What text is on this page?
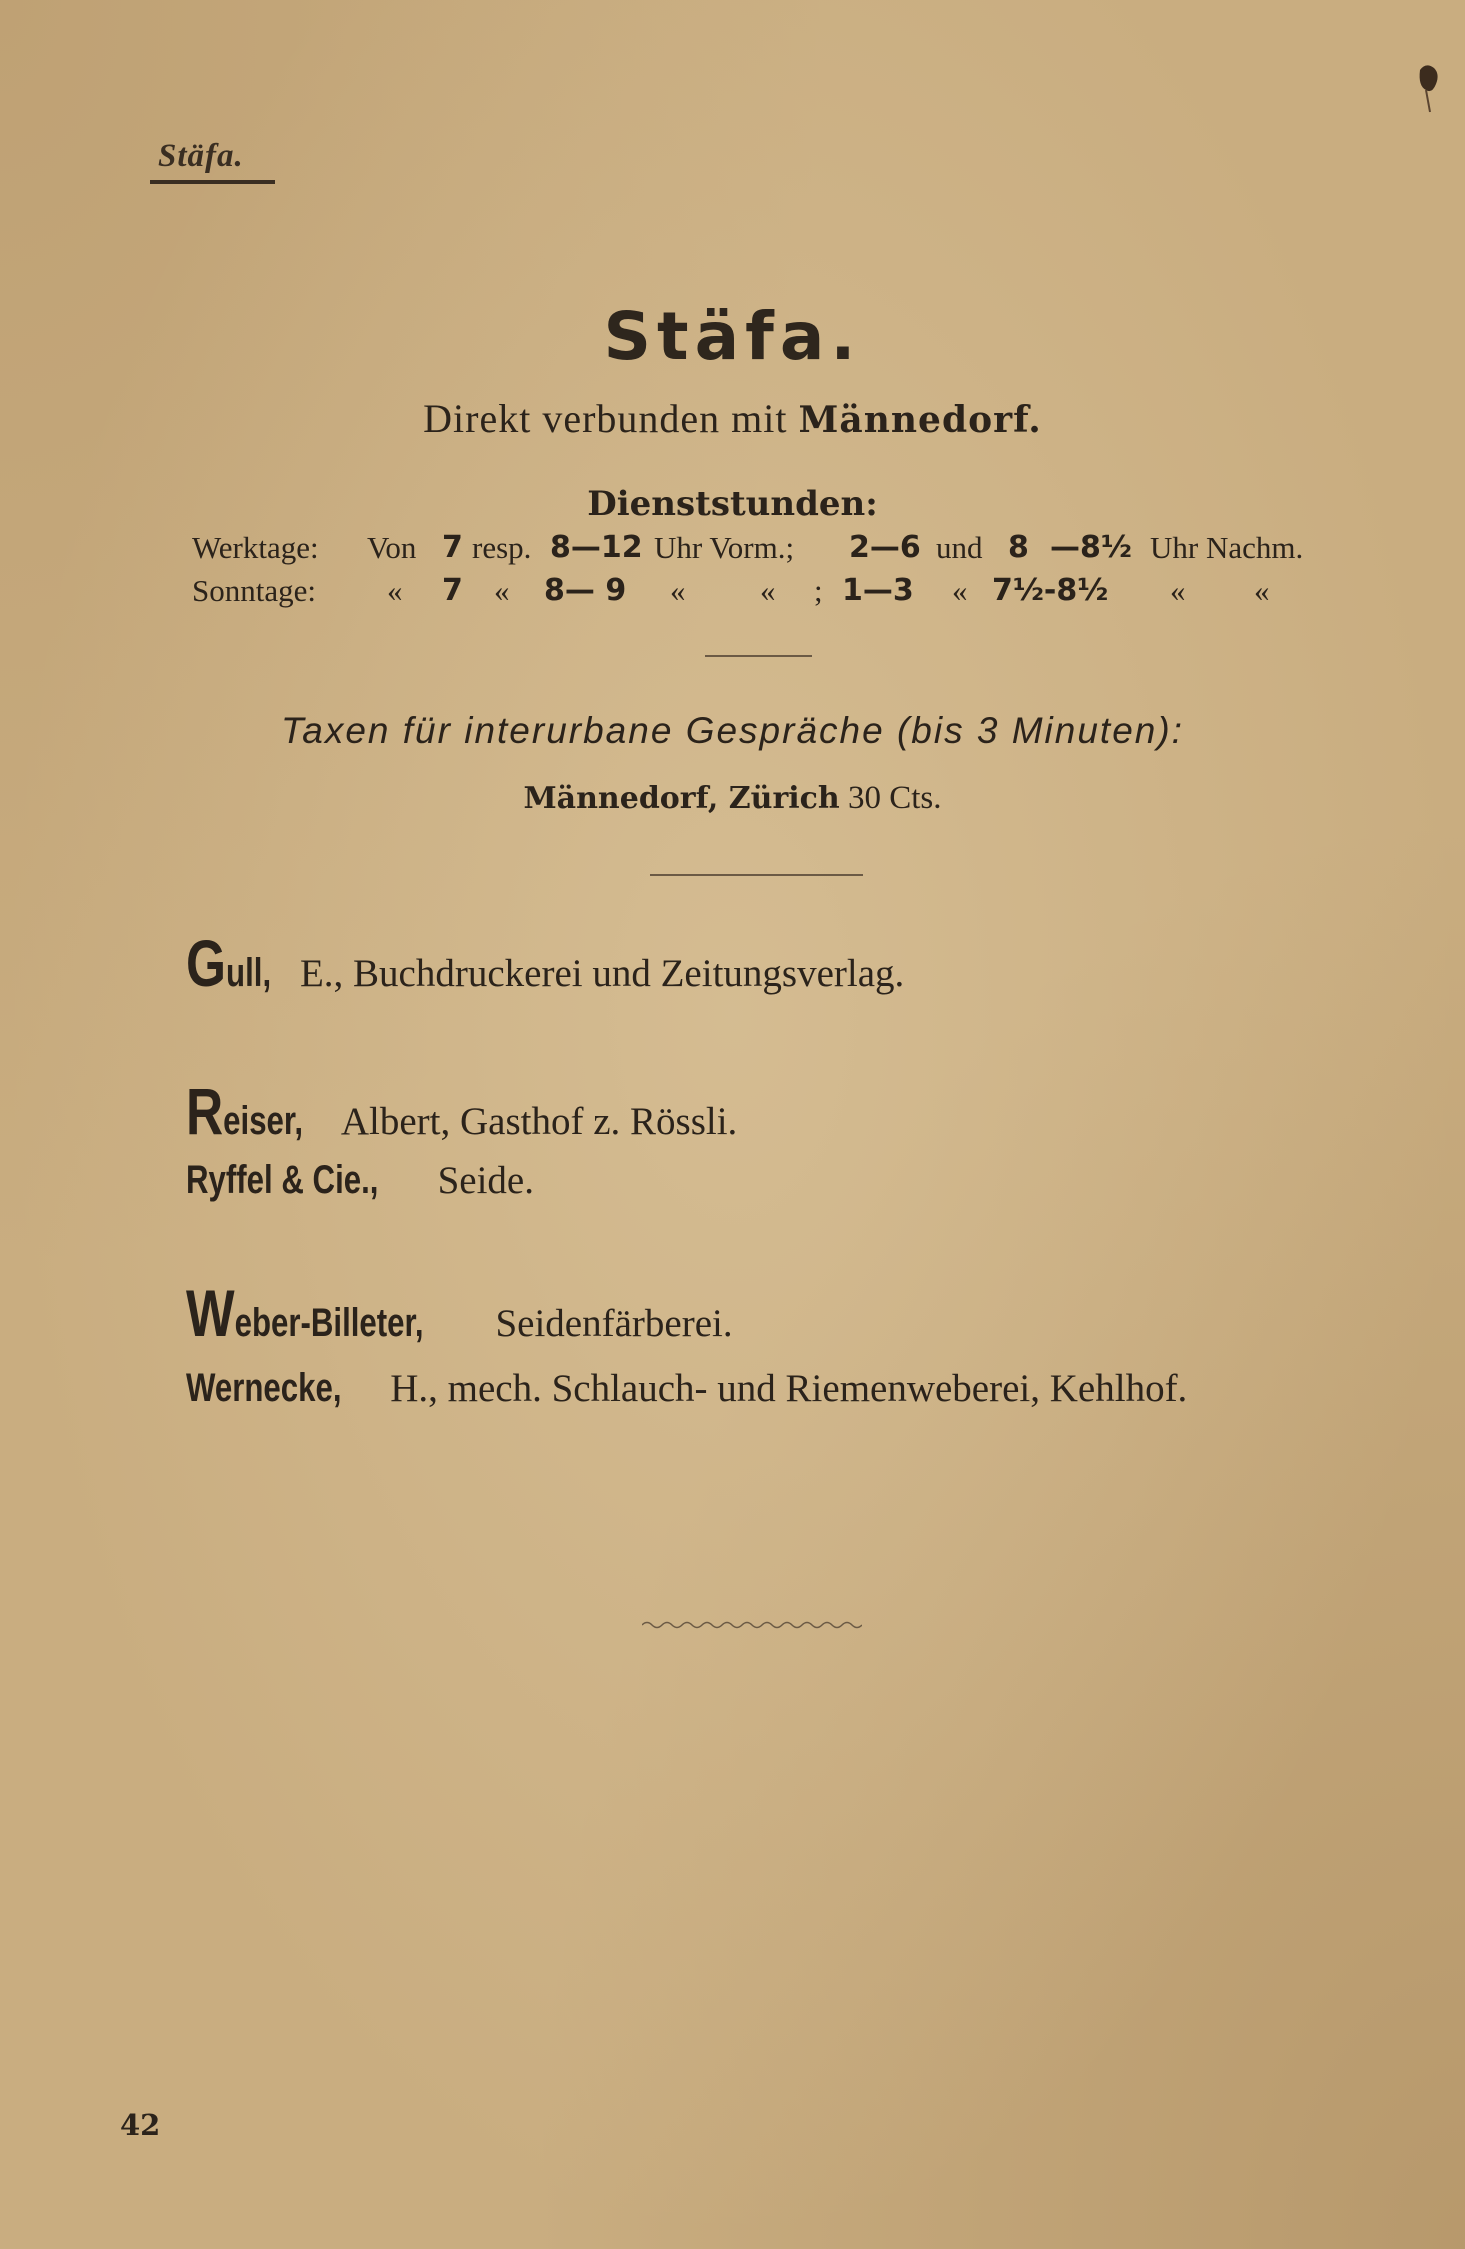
Stäfa.
Stäfa.
Direkt verbunden mit Männedorf.
Dienststunden:
Werktage: Von 7 resp. 8—12 Uhr Vorm.; 2—6 und 8 —8½ Uhr Nachm.
Sonntage: « 7 « 8— 9 « « ; 1—3 « 7½-8½ « «
Taxen für interurbane Gespräche (bis 3 Minuten):
Männedorf, Zürich 30 Cts.
Gull, E., Buchdruckerei und Zeitungsverlag.
Reiser, Albert, Gasthof z. Rössli.
Ryffel & Cie., Seide.
Weber-Billeter, Seidenfärberei.
Wernecke, H., mech. Schlauch- und Riemenweberei, Kehlhof.
42
